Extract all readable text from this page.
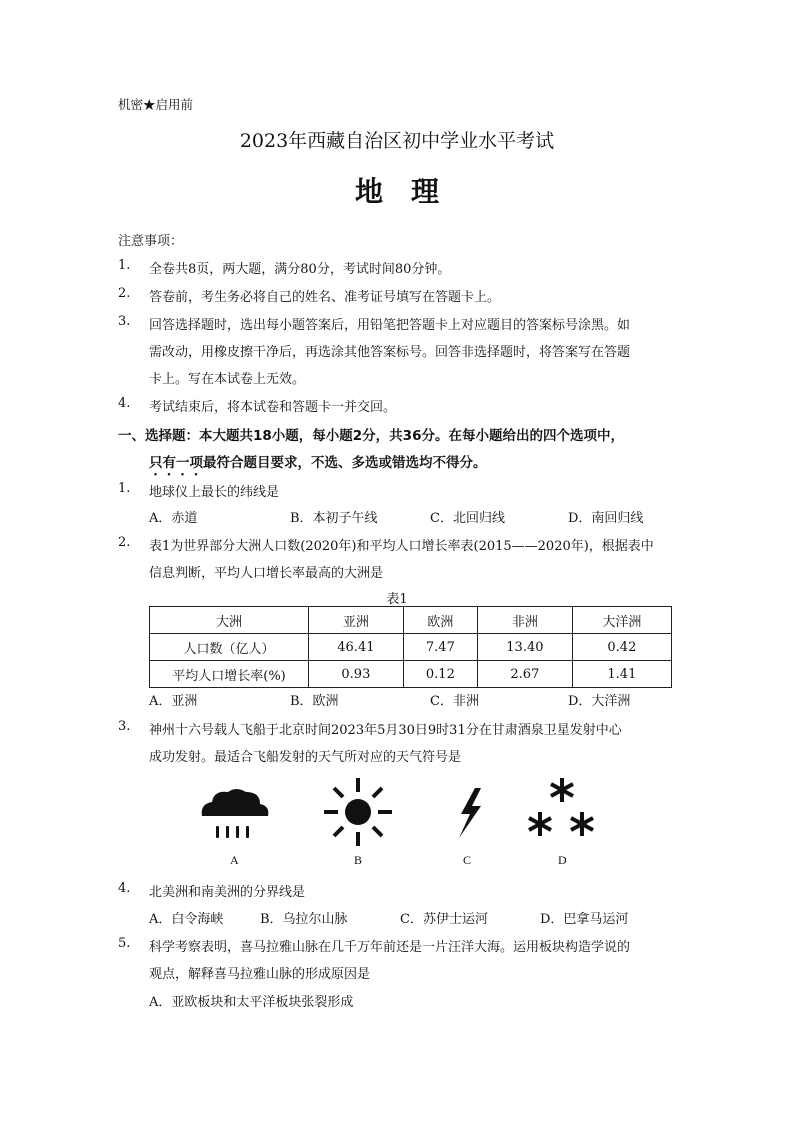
机密★启用前
2023年西藏自治区初中学业水平考试
地　理
注意事项：
1. 全卷共8页，两大题，满分80分，考试时间80分钟。
2. 答卷前，考生务必将自己的姓名、准考证号填写在答题卡上。
3. 回答选择题时，选出每小题答案后，用铅笔把答题卡上对应题目的答案标号涂黑。如
需改动，用橡皮擦干净后，再选涂其他答案标号。回答非选择题时，将答案写在答题
卡上。写在本试卷上无效。
4. 考试结束后，将本试卷和答题卡一并交回。
一、选择题：本大题共18小题，每小题2分，共36分。在每小题给出的四个选项中，
只有一项最符合题目要求，不选、多选或错选均不得分。
1. 地球仪上最长的纬线是
A．赤道	B．本初子午线	C．北回归线	D．南回归线
2. 表1为世界部分大洲人口数(2020年)和平均人口增长率表(2015——2020年)，根据表中
信息判断，平均人口增长率最高的大洲是
表1
大洲	亚洲	欧洲	非洲	大洋洲
人口数（亿人）	46.41	7.47	13.40	0.42
平均人口增长率(%)	0.93	0.12	2.67	1.41
A．亚洲	B．欧洲	C．非洲	D．大洋洲
3. 神州十六号载人飞船于北京时间2023年5月30日9时31分在甘肃酒泉卫星发射中心
成功发射。最适合飞船发射的天气所对应的天气符号是
A	B	C	D
4. 北美洲和南美洲的分界线是
A．白令海峡	B．乌拉尔山脉	C．苏伊士运河	D．巴拿马运河
5. 科学考察表明，喜马拉雅山脉在几千万年前还是一片汪洋大海。运用板块构造学说的
观点，解释喜马拉雅山脉的形成原因是
A．亚欧板块和太平洋板块张裂形成
